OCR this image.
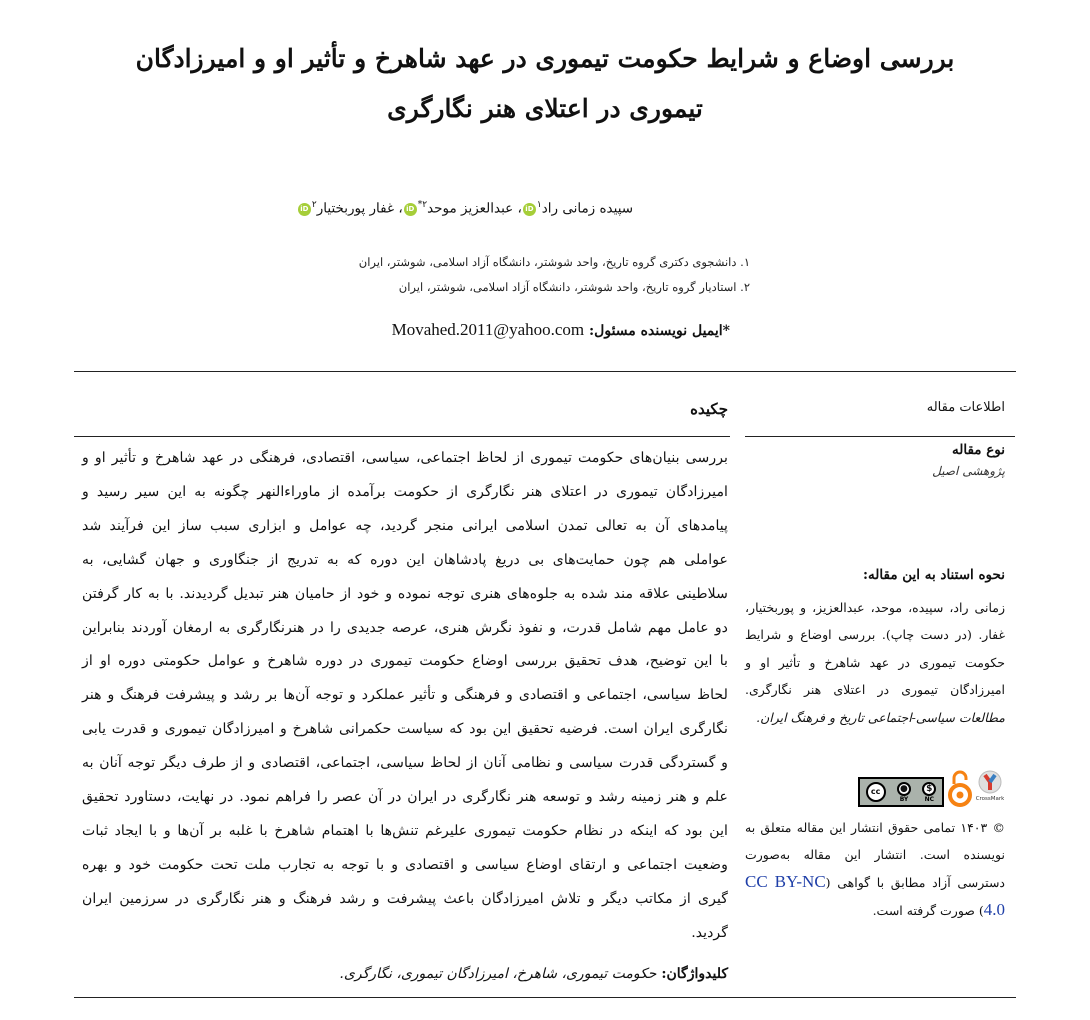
بررسی اوضاع و شرایط حکومت تیموری در عهد شاهرخ و تأثیر او و امیرزادگان
تیموری در اعتلای هنر نگارگری
سپیده زمانی راد$^۱$iD، عبدالعزیز موحد$^{۲*}$iD، غفار پوربختیار$^۲$iD
۱. دانشجوی دکتری گروه تاریخ، واحد شوشتر، دانشگاه آزاد اسلامی، شوشتر، ایران
۲. استادیار گروه تاریخ، واحد شوشتر، دانشگاه آزاد اسلامی، شوشتر، ایران
*ایمیل نویسنده مسئول: Movahed.2011@yahoo.com
اطلاعات مقاله
چکیده
نوع مقاله
پژوهشی اصیل
نحوه استناد به این مقاله:
زمانی راد، سپیده، موحد، عبدالعزیز، و پوربختیار، غفار. (در دست چاپ). بررسی اوضاع و شرایط حکومت تیموری در عهد شاهرخ و تأثیر او و امیرزادگان تیموری در اعتلای هنر نگارگری. مطالعات سیاسی-اجتماعی تاریخ و فرهنگ ایران.
cc	●
BY
$
NC	CrossMark
© ۱۴۰۳ تمامی حقوق انتشار این مقاله متعلق به نویسنده است. انتشار این مقاله به‌صورت دسترسی آزاد مطابق با گواهی (CC BY-NC 4.0) صورت گرفته است.
بررسی بنیان‌های حکومت تیموری از لحاظ اجتماعی، سیاسی، اقتصادی، فرهنگی در عهد شاهرخ و تأثیر او و امیرزادگان تیموری در اعتلای هنر نگارگری از حکومت برآمده از ماوراءالنهر چگونه به این سیر رسید و پیامدهای آن به تعالی تمدن اسلامی ایرانی منجر گردید، چه عوامل و ابزاری سبب ساز این فرآیند شد عواملی هم چون حمایت‌های بی دریغ پادشاهان این دوره که به تدریج از جنگاوری و جهان گشایی، به سلاطینی علاقه مند شده به جلوه‌های هنری توجه نموده و خود از حامیان هنر تبدیل گردیدند. با به کار گرفتن دو عامل مهم شامل قدرت، و نفوذ نگرش هنری، عرصه جدیدی را در هنرنگارگری به ارمغان آوردند بنابراین با این توضیح، هدف تحقیق بررسی اوضاع حکومت تیموری در دوره شاهرخ و عوامل حکومتی دوره او از لحاظ سیاسی، اجتماعی و اقتصادی و فرهنگی و تأثیر عملکرد و توجه آن‌ها بر رشد و پیشرفت فرهنگ و هنر نگارگری ایران است. فرضیه تحقیق این بود که سیاست حکمرانی شاهرخ و امیرزادگان تیموری و قدرت یابی و گستردگی قدرت سیاسی و نظامی آنان از لحاظ سیاسی، اجتماعی، اقتصادی و از طرف دیگر توجه آنان به علم و هنر زمینه رشد و توسعه هنر نگارگری در ایران در آن عصر را فراهم نمود. در نهایت، دستاورد تحقیق این بود که اینکه در نظام حکومت تیموری علیرغم تنش‌ها با اهتمام شاهرخ با غلبه بر آن‌ها و با ایجاد ثبات وضعیت اجتماعی و ارتقای اوضاع سیاسی و اقتصادی و با توجه به تجارب ملت تحت حکومت خود و بهره گیری از مکاتب دیگر و تلاش امیرزادگان باعث پیشرفت و رشد فرهنگ و هنر نگارگری در سرزمین ایران گردید.
کلیدواژگان: حکومت تیموری، شاهرخ، امیرزادگان تیموری، نگارگری.
